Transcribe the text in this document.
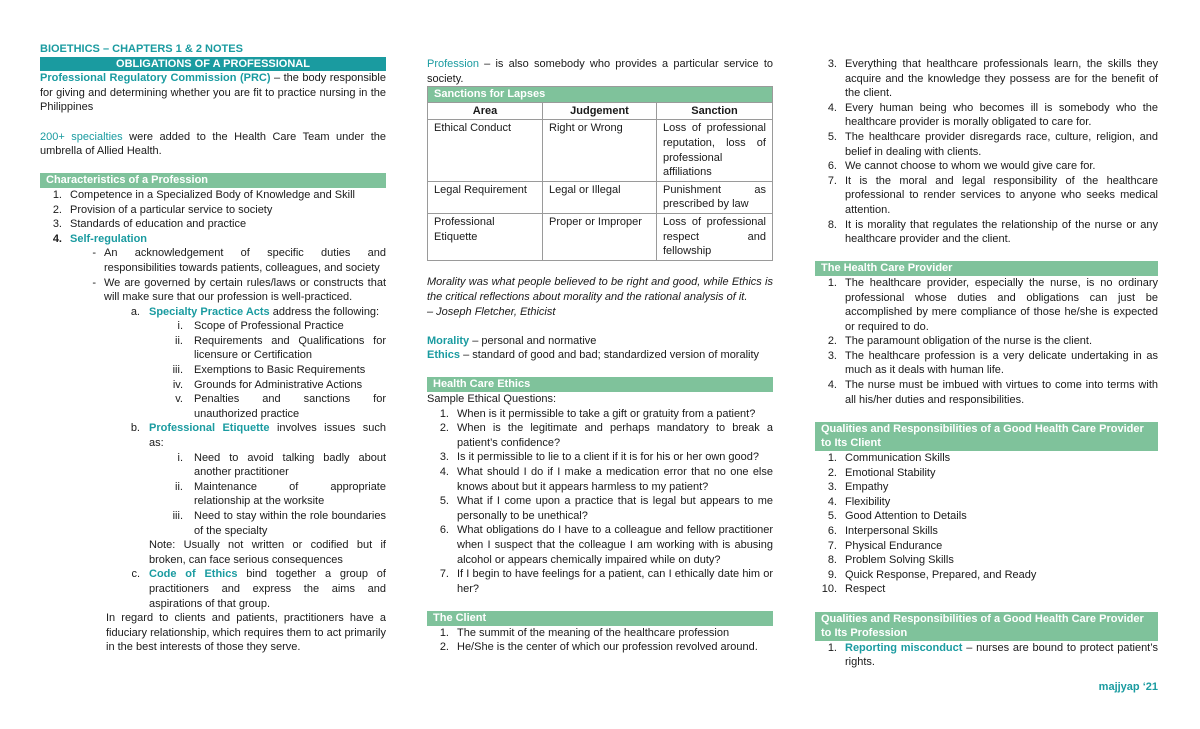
BIOETHICS – CHAPTERS 1 & 2 NOTES
OBLIGATIONS OF A PROFESSIONAL

Professional Regulatory Commission (PRC) – the body responsible for giving and determining whether you are fit to practice nursing in the Philippines

200+ specialties were added to the Health Care Team under the umbrella of Allied Health.

Characteristics of a Profession
1. Competence in a Specialized Body of Knowledge and Skill
2. Provision of a particular service to society
3. Standards of education and practice
4. Self-regulation
- An acknowledgement of specific duties and responsibilities towards patients, colleagues, and society
- We are governed by certain rules/laws or constructs that will make sure that our profession is well-practiced.
a. Specialty Practice Acts address the following:
i.	Scope of Professional Practice
ii.	Requirements and Qualifications for licensure or Certification
iii.	Exemptions to Basic Requirements
iv.	Grounds for Administrative Actions
v.	Penalties and sanctions for unauthorized practice
b. Professional Etiquette involves issues such as:
i.	Need to avoid talking badly about another practitioner
ii.	Maintenance of appropriate relationship at the worksite
iii.	Need to stay within the role boundaries of the specialty

Note: Usually not written or codified but if broken, can face serious consequences

c. Code of Ethics bind together a group of practitioners and express the aims and aspirations of that group.

In regard to clients and patients, practitioners have a fiduciary relationship, which requires them to act primarily in the best interests of those they serve.

Profession – is also somebody who provides a particular service to society.

Sanctions for Lapses
Area	Judgement	Sanction
Ethical Conduct	Right or Wrong	Loss of professional reputation, loss of professional affiliations
Legal Requirement	Legal or Illegal	Punishment as prescribed by law
Professional Etiquette	Proper or Improper	Loss of professional respect and fellowship

Morality was what people believed to be right and good, while Ethics is the critical reflections about morality and the rational analysis of it.

– Joseph Fletcher, Ethicist

Morality – personal and normative

Ethics – standard of good and bad; standardized version of morality

Health Care Ethics

Sample Ethical Questions:

1. When is it permissible to take a gift or gratuity from a patient?
2. When is the legitimate and perhaps mandatory to break a patient’s confidence?
3. Is it permissible to lie to a client if it is for his or her own good?
4. What should I do if I make a medication error that no one else knows about but it appears harmless to my patient?
5. What if I come upon a practice that is legal but appears to me personally to be unethical?
6. What obligations do I have to a colleague and fellow practitioner when I suspect that the colleague I am working with is abusing alcohol or appears chemically impaired while on duty?
7. If I begin to have feelings for a patient, can I ethically date him or her?
The Client
1. The summit of the meaning of the healthcare profession
2. He/She is the center of which our profession revolved around.
3. Everything that healthcare professionals learn, the skills they acquire and the knowledge they possess are for the benefit of the client.
4. Every human being who becomes ill is somebody who the healthcare provider is morally obligated to care for.
5. The healthcare provider disregards race, culture, religion, and belief in dealing with clients.
6. We cannot choose to whom we would give care for.
7. It is the moral and legal responsibility of the healthcare professional to render services to anyone who seeks medical attention.
8. It is morality that regulates the relationship of the nurse or any healthcare provider and the client.
The Health Care Provider
1. The healthcare provider, especially the nurse, is no ordinary professional whose duties and obligations can just be accomplished by mere compliance of those he/she is expected or required to do.
2. The paramount obligation of the nurse is the client.
3. The healthcare profession is a very delicate undertaking in as much as it deals with human life.
4. The nurse must be imbued with virtues to come into terms with all his/her duties and responsibilities.
Qualities and Responsibilities of a Good Health Care Provider to Its Client
1. Communication Skills
2. Emotional Stability
3. Empathy
4. Flexibility
5. Good Attention to Details
6. Interpersonal Skills
7. Physical Endurance
8. Problem Solving Skills
9. Quick Response, Prepared, and Ready
10. Respect
Qualities and Responsibilities of a Good Health Care Provider to Its Profession
1. Reporting misconduct – nurses are bound to protect patient’s rights.
majjyap ‘21
